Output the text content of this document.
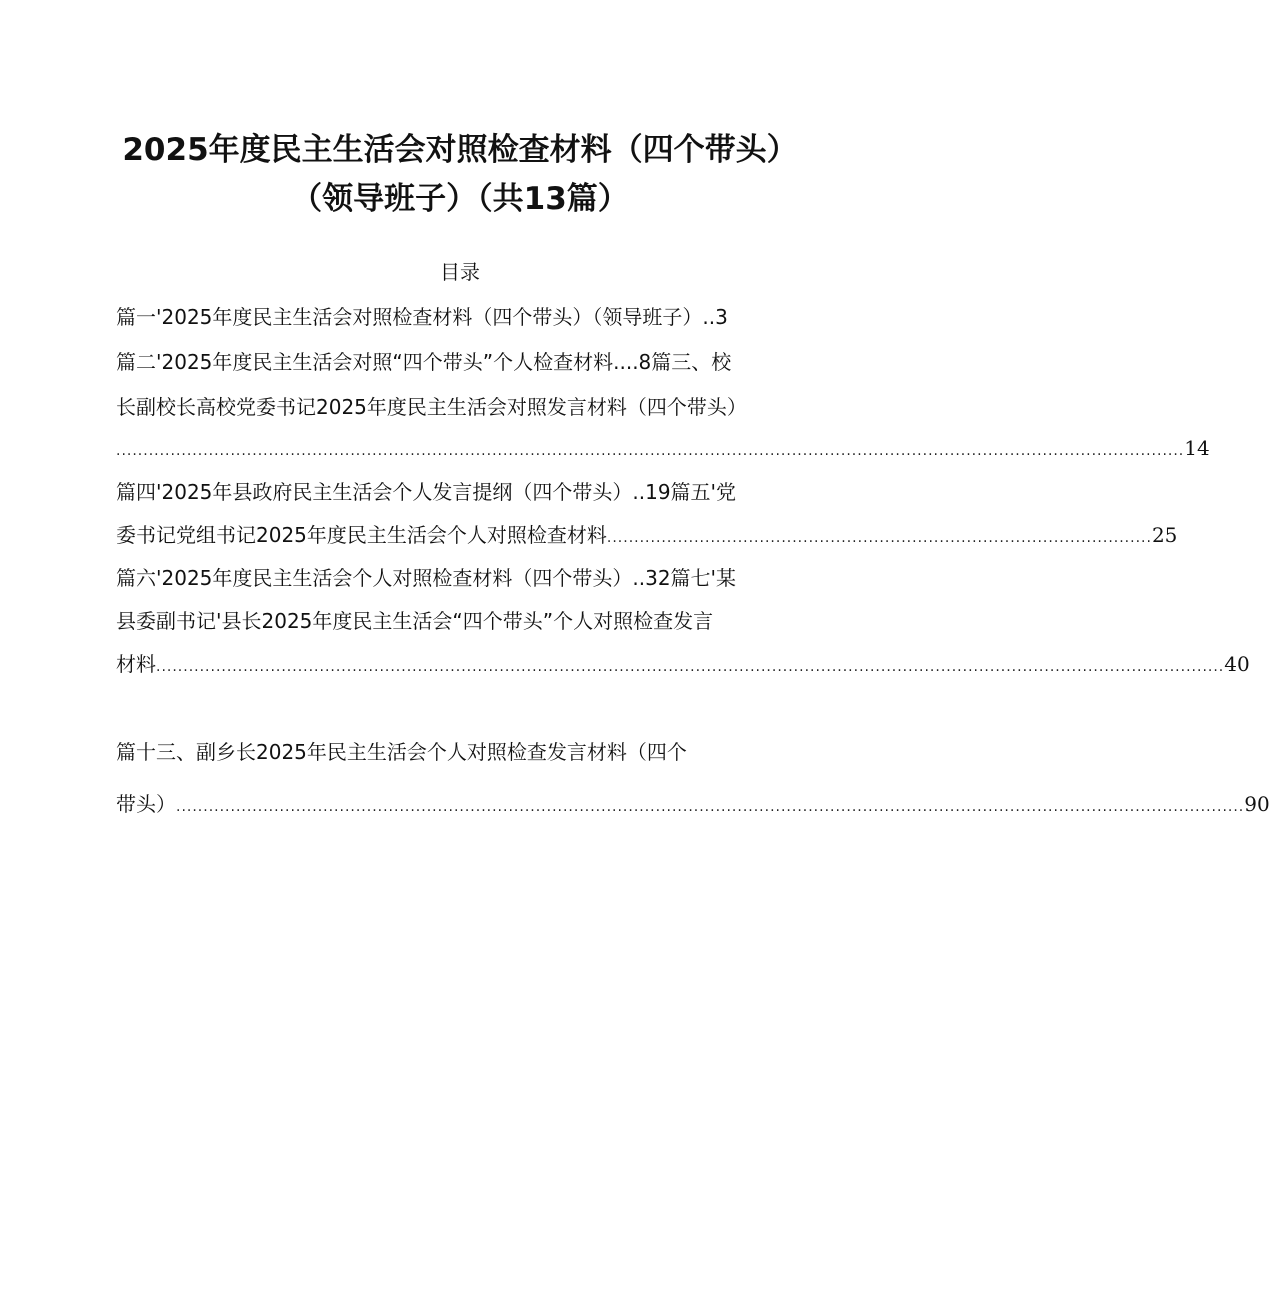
2025年度民主生活会对照检查材料（四个带头）
（领导班子）（共13篇）
目录
篇一'2025年度民主生活会对照检查材料（四个带头）（领导班子）..3
篇二'2025年度民主生活会对照“四个带头”个人检查材料....8篇三、校
长副校长高校党委书记2025年度民主生活会对照发言材料（四个带头）
.................................................................................................................................................................................................... 14
篇四'2025年县政府民主生活会个人发言提纲（四个带头）..19篇五'党
委书记党组书记2025年度民主生活会个人对照检查材料 .................................................................................................... 25
篇六'2025年度民主生活会个人对照检查材料（四个带头）..32篇七'某
县委副书记'县长2025年度民主生活会“四个带头”个人对照检查发言
材料 .................................................................................................................................................................................................... 40
篇十三、副乡长2025年民主生活会个人对照检查发言材料（四个
带头） .................................................................................................................................................................................................... 90
